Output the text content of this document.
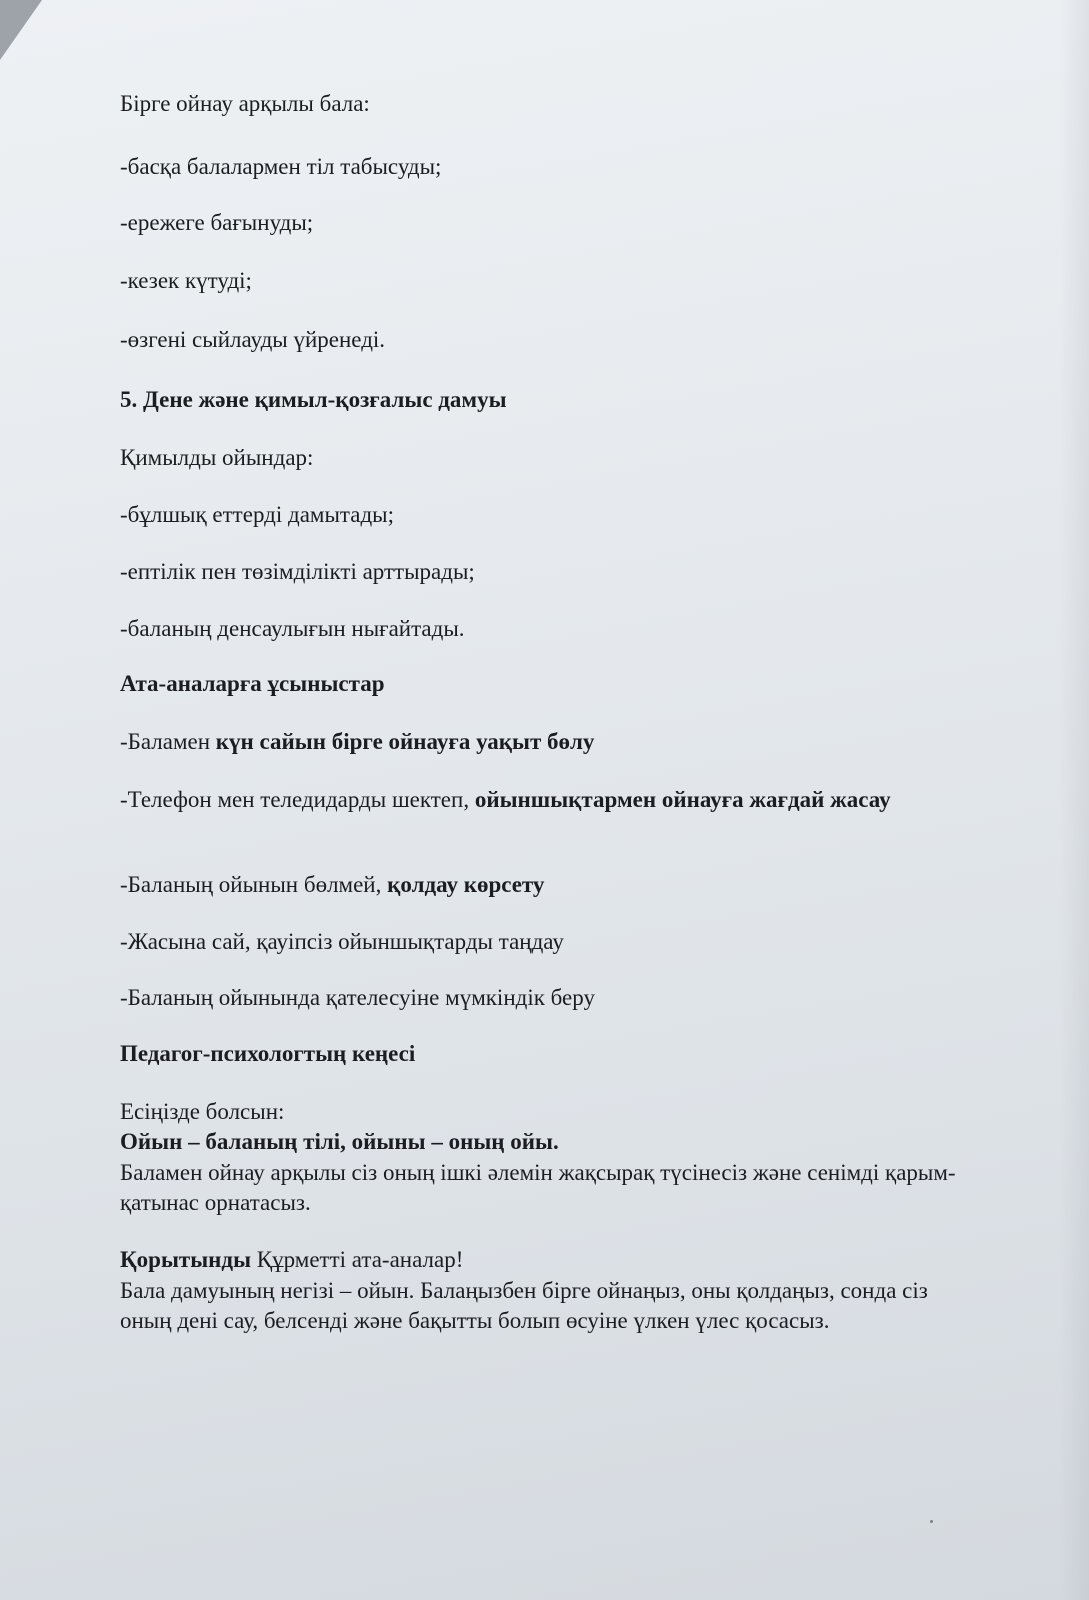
Бірге ойнау арқылы бала:
-басқа балалармен тіл табысуды;
-ережеге бағынуды;
-кезек күтуді;
-өзгені сыйлауды үйренеді.
5. Дене және қимыл-қозғалыс дамуы
Қимылды ойындар:
-бұлшық еттерді дамытады;
-ептілік пен төзімділікті арттырады;
-баланың денсаулығын нығайтады.
Ата-аналарға ұсыныстар
-Баламен күн сайын бірге ойнауға уақыт бөлу
-Телефон мен теледидарды шектеп, ойыншықтармен ойнауға жағдай жасау
-Баланың ойынын бөлмей, қолдау көрсету
-Жасына сай, қауіпсіз ойыншықтарды таңдау
-Баланың ойынында қателесуіне мүмкіндік беру
Педагог-психологтың кеңесі
Есіңізде болсын:
Ойын – баланың тілі, ойыны – оның ойы.
Баламен ойнау арқылы сіз оның ішкі әлемін жақсырақ түсінесіз және сенімді қарым-қатынас орнатасыз.
Қорытынды Құрметті ата-аналар!
Бала дамуының негізі – ойын. Балаңызбен бірге ойнаңыз, оны қолдаңыз, сонда сіз оның дені сау, белсенді және бақытты болып өсуіне үлкен үлес қосасыз.
